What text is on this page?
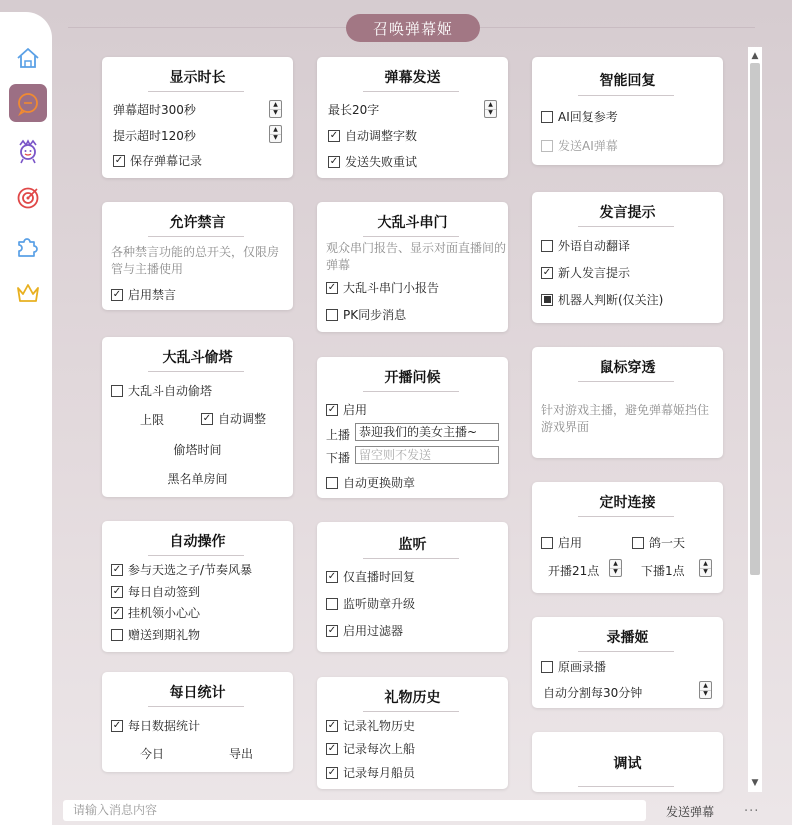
召唤弹幕姬
显示时长
弹幕超时300秒	▲
▼
提示超时120秒	▲
▼
✓ 保存弹幕记录
弹幕发送
最长20字	▲
▼
✓ 自动调整字数
✓ 发送失败重试
智能回复
AI回复参考
发送AI弹幕
允许禁言
各种禁言功能的总开关，仅限房管与主播使用
✓ 启用禁言
大乱斗串门
观众串门报告、显示对面直播间的弹幕
✓ 大乱斗串门小报告
PK同步消息
发言提示
外语自动翻译
✓ 新人发言提示
机器人判断(仅关注)
大乱斗偷塔
大乱斗自动偷塔
上限	✓ 自动调整
偷塔时间
黑名单房间
开播问候
✓ 启用
上播 恭迎我们的美女主播~
下播 留空则不发送
自动更换勋章
鼠标穿透
针对游戏主播，避免弹幕姬挡住游戏界面
定时连接
启用	鸽一天
开播21点
▲
▼ 下播1点
▲
▼
自动操作
✓ 参与天选之子/节奏风暴
✓ 每日自动签到
✓ 挂机领小心心
赠送到期礼物
监听
✓ 仅直播时回复
监听勋章升级
✓ 启用过滤器	录播姬
原画录播
自动分割每30分钟
▲
▼
每日统计
✓ 每日数据统计
今日	导出
礼物历史
✓ 记录礼物历史
✓ 记录每次上船
✓ 记录每月船员
调试
▲
▼
请输入消息内容	发送弹幕 ...
